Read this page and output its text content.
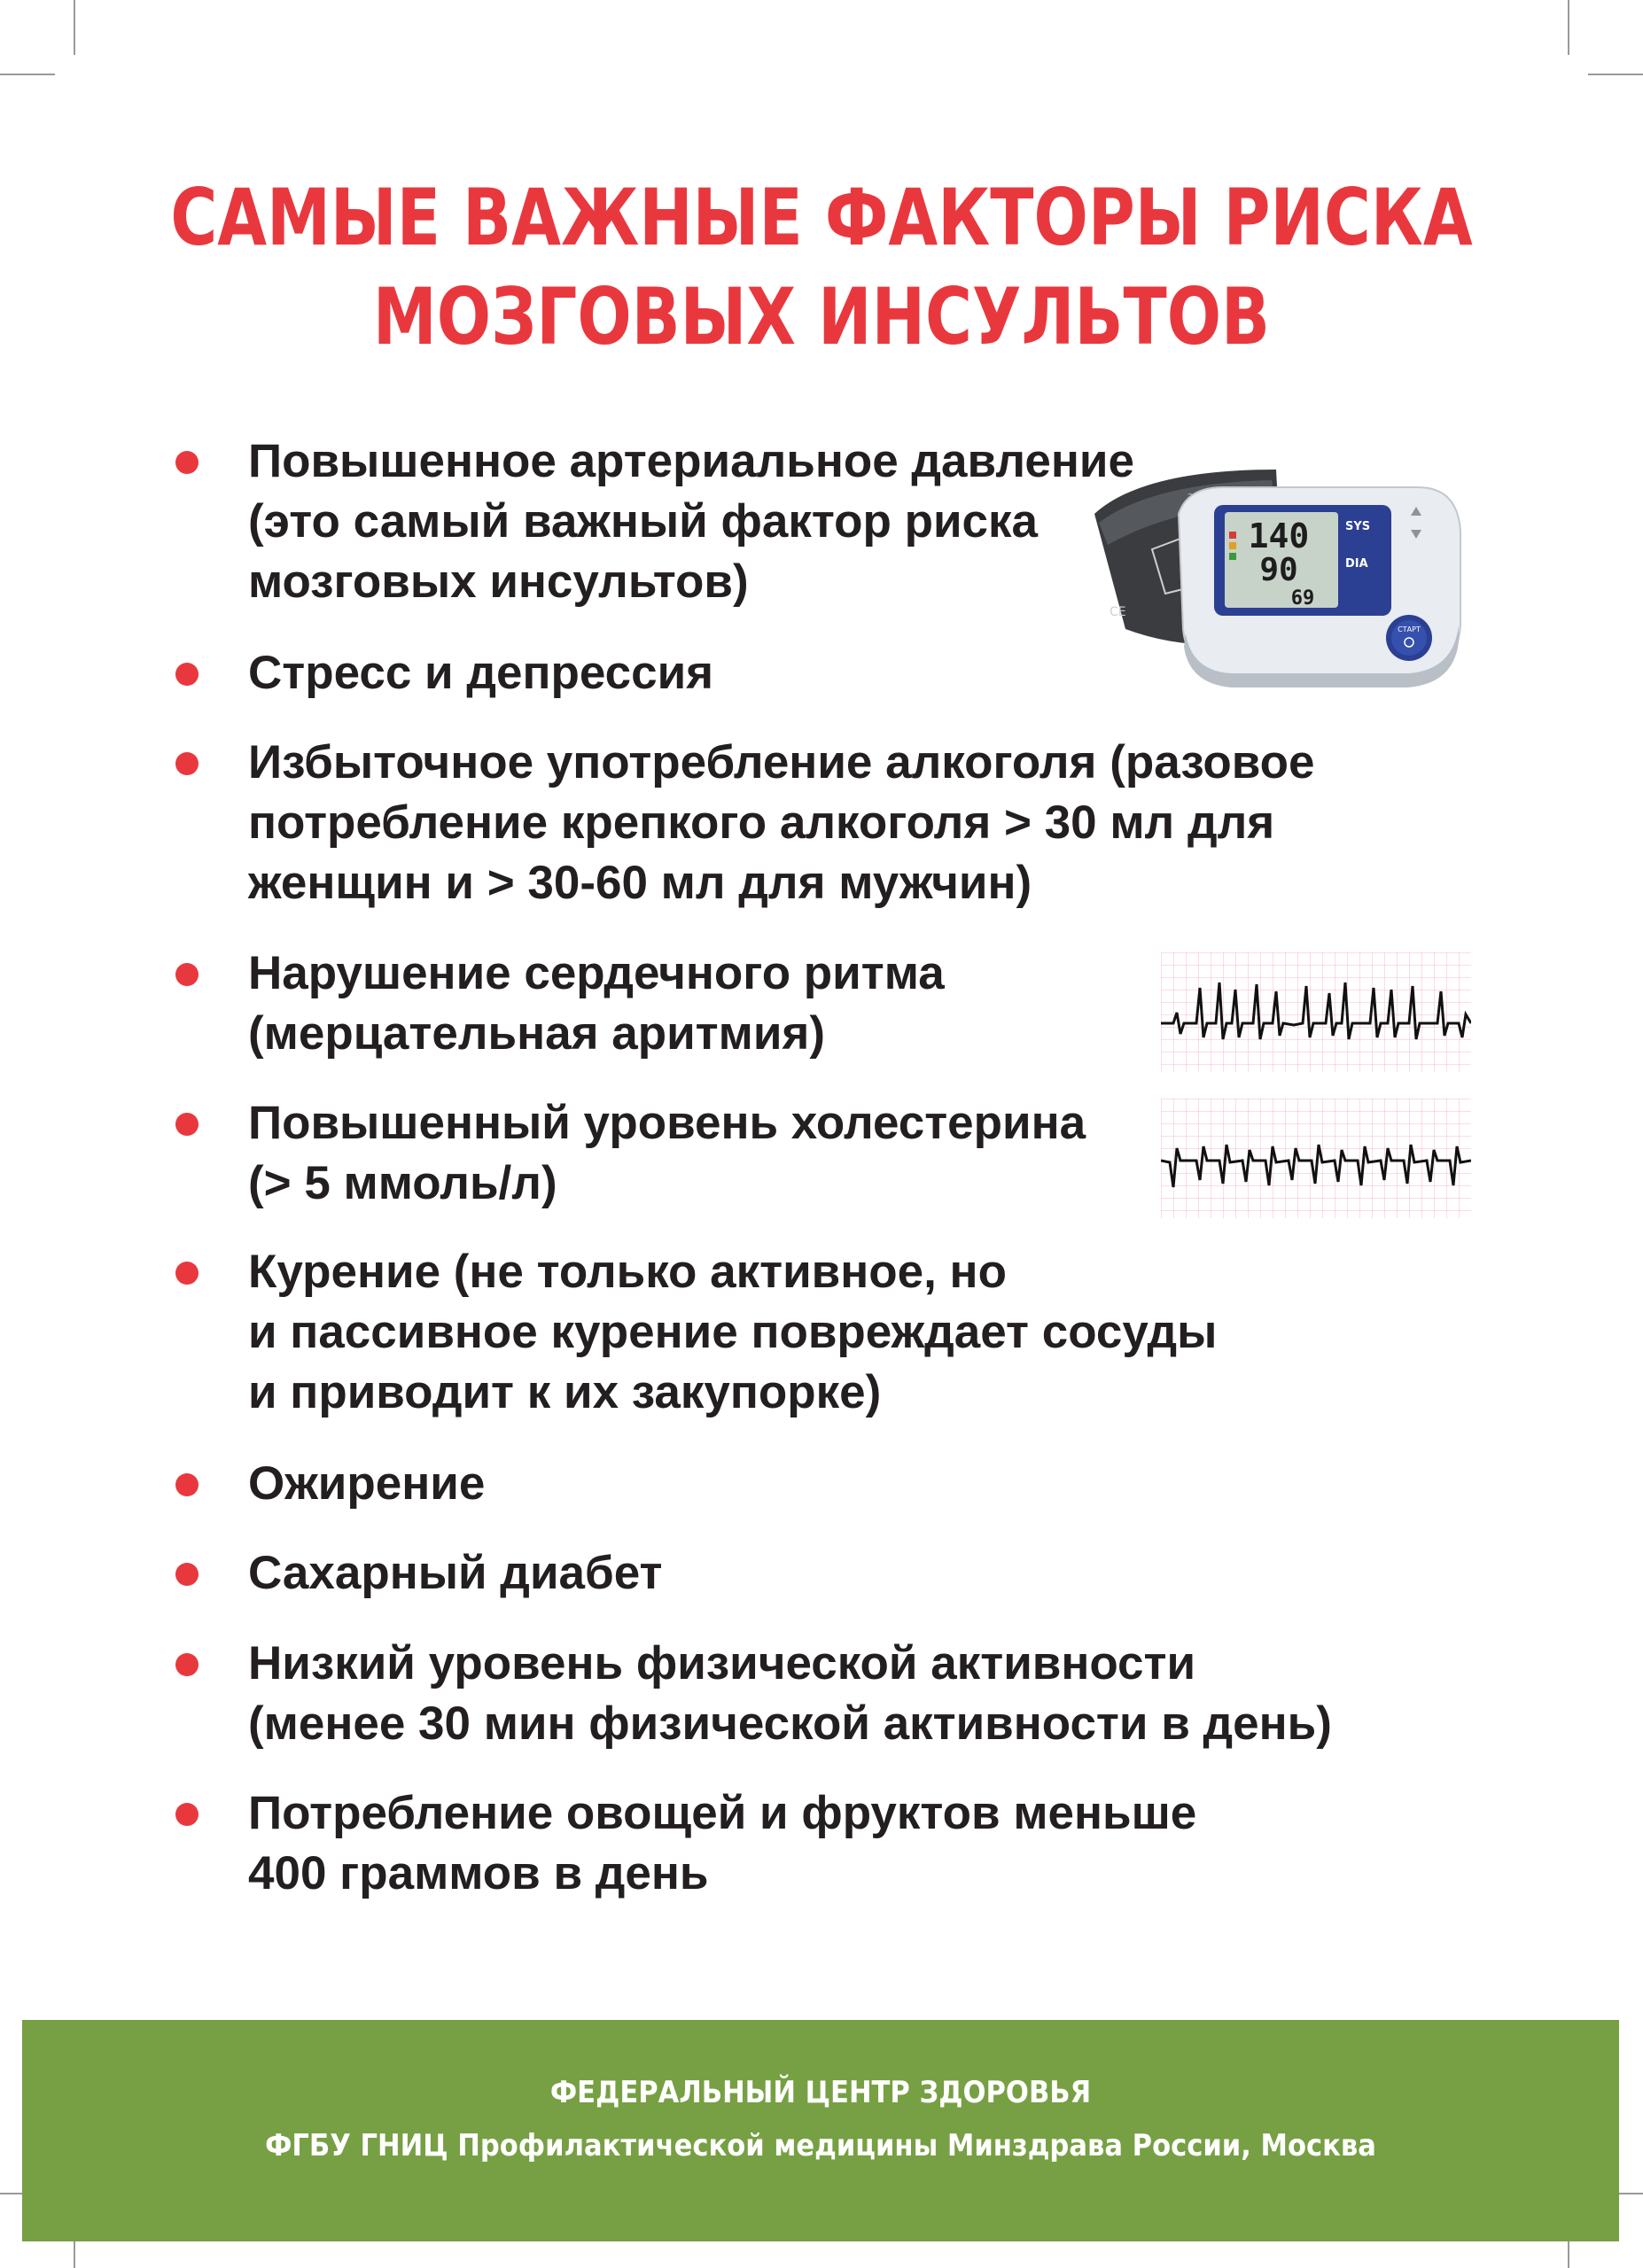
САМЫЕ ВАЖНЫЕ ФАКТОРЫ РИСКА
МОЗГОВЫХ ИНСУЛЬТОВ
Повышенное артериальное давление
(это самый важный фактор риска
мозговых инсультов)
Стресс и депрессия
Избыточное употребление алкоголя (разовое
потребление крепкого алкоголя > 30 мл для
женщин и > 30-60 мл для мужчин)
Нарушение сердечного ритма
(мерцательная аритмия)
Повышенный уровень холестерина
(> 5 ммоль/л)
Курение (не только активное, но
и пассивное курение повреждает сосуды
и приводит к их закупорке)
Ожирение
Сахарный диабет
Низкий уровень физической активности
(менее 30 мин физической активности в день)
Потребление овощей и фруктов меньше
400 граммов в день
CE
140
90
69
SYS
DIA
СТАРТ
ФЕДЕРАЛЬНЫЙ ЦЕНТР ЗДОРОВЬЯ
ФГБУ ГНИЦ Профилактической медицины Минздрава России, Москва
